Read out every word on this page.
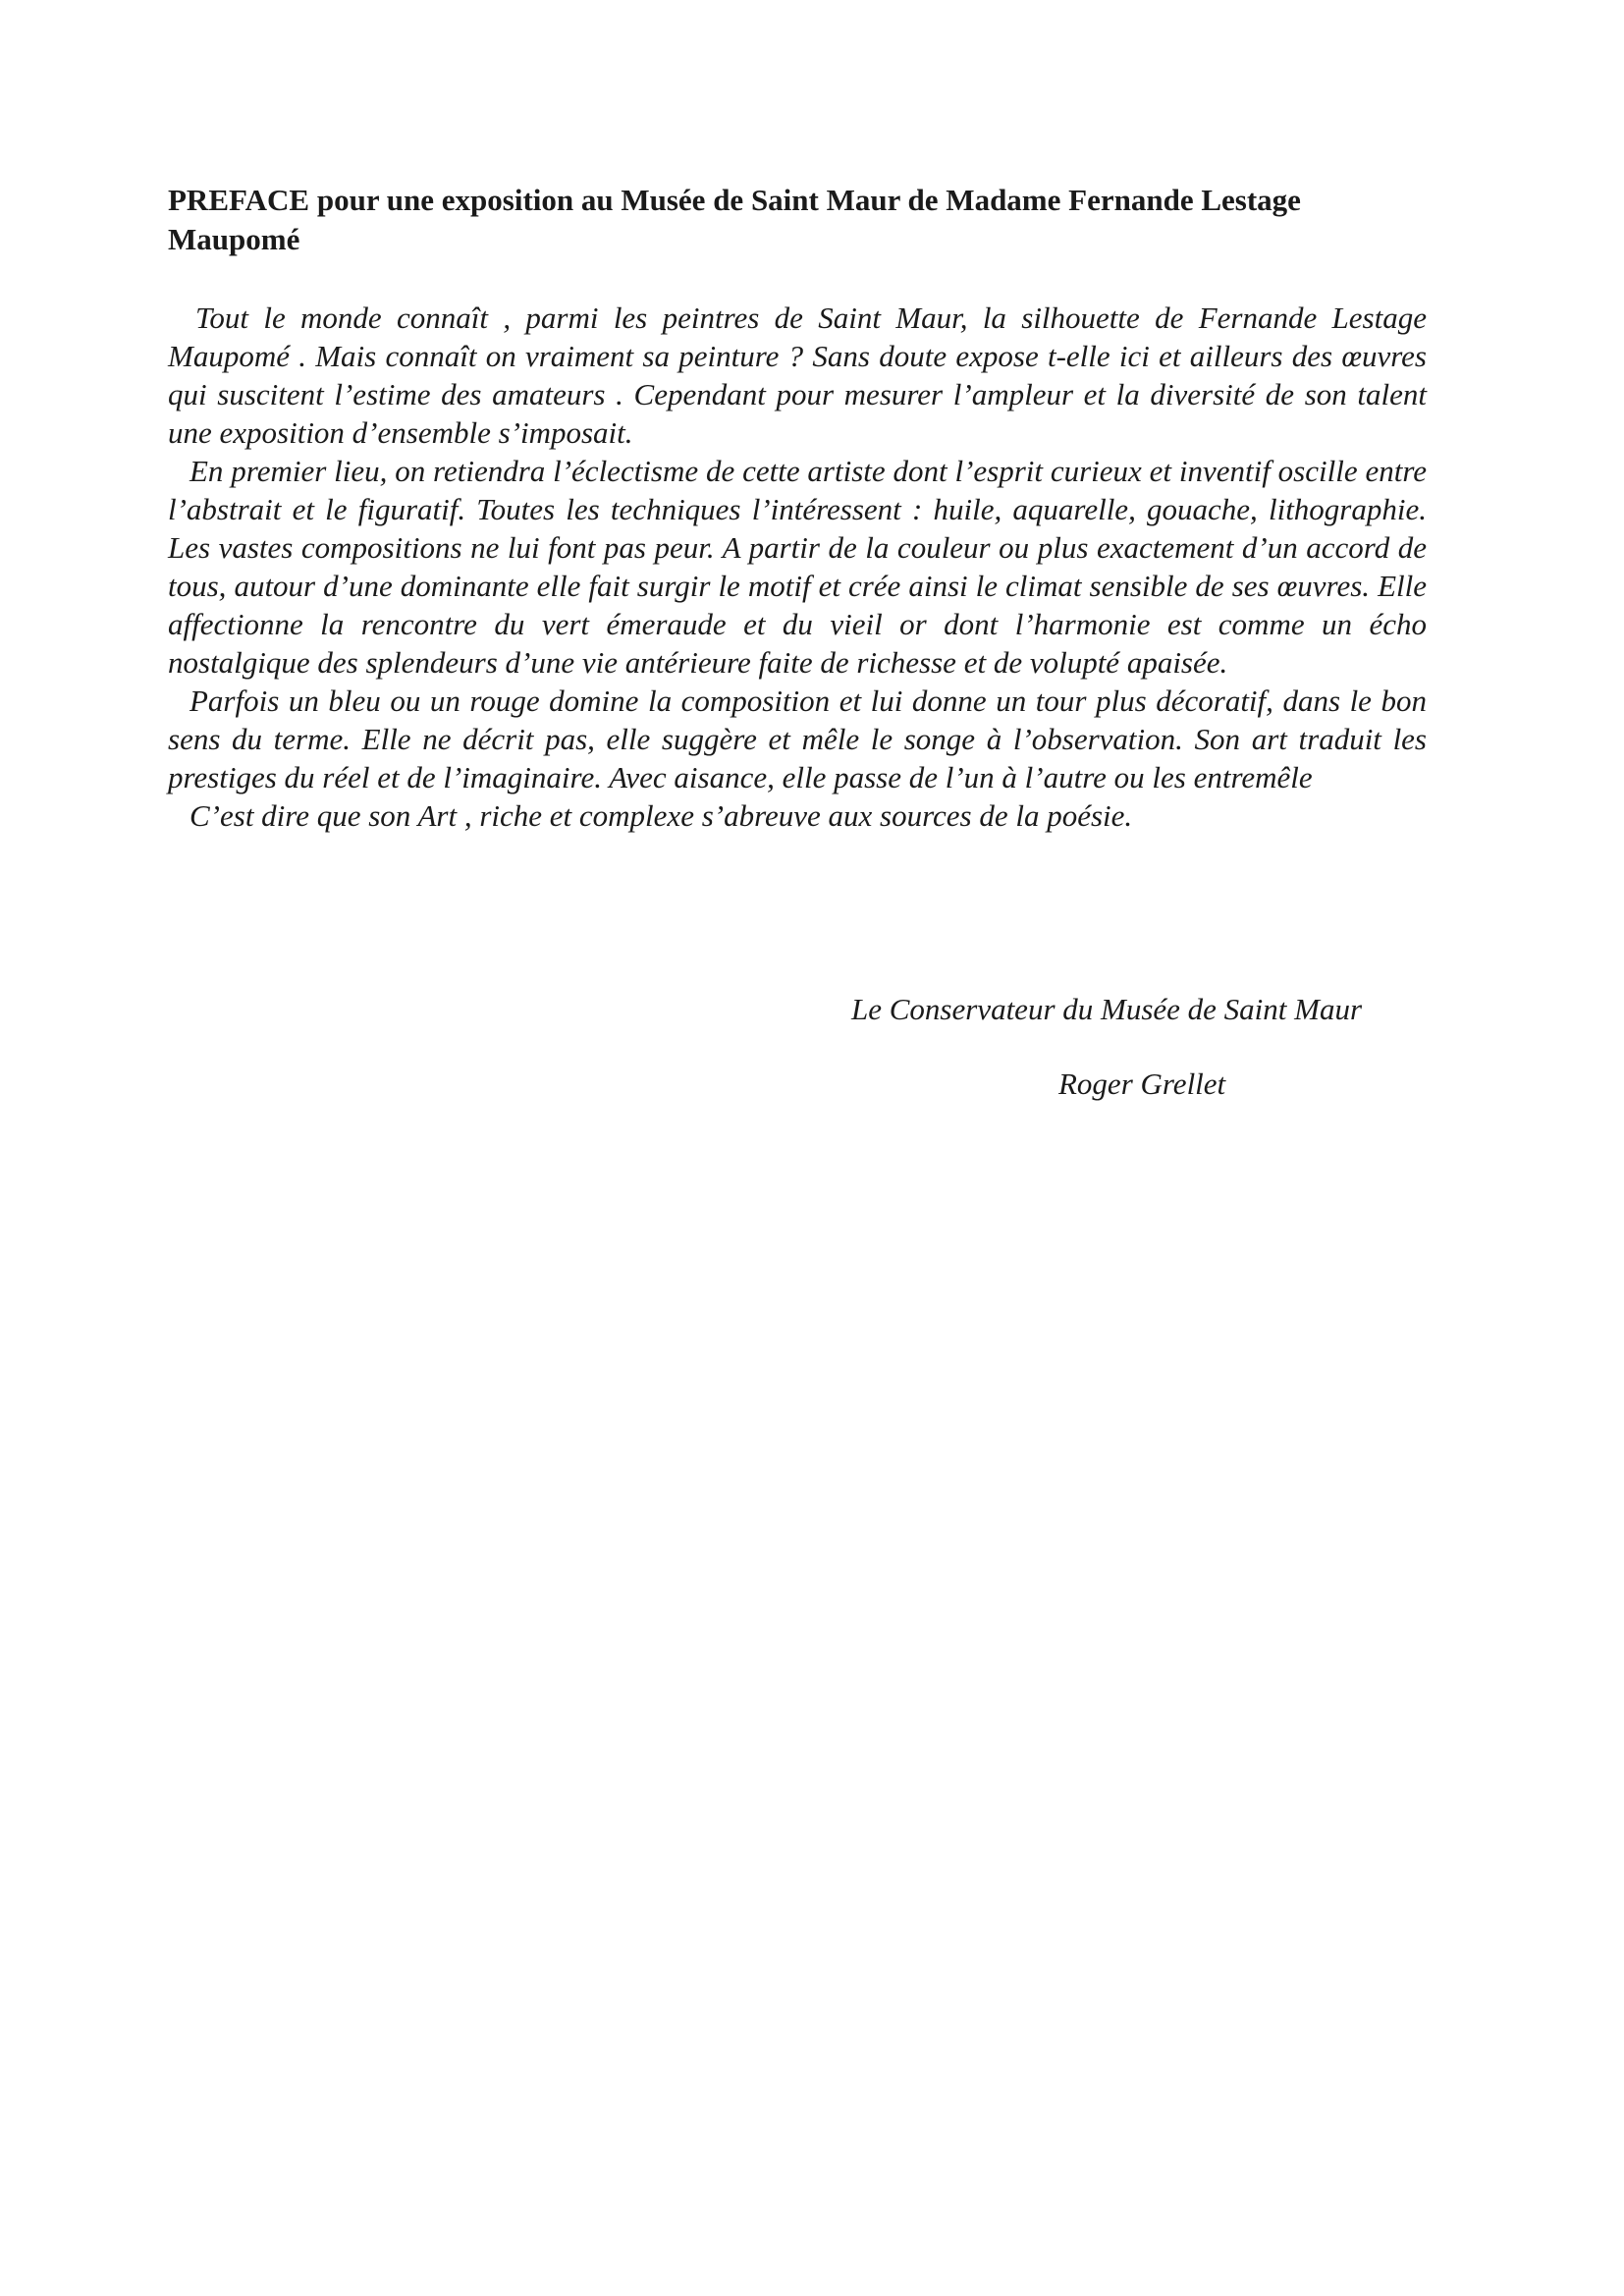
PREFACE pour une exposition au Musée de Saint Maur de Madame Fernande Lestage Maupomé

Tout le monde connaît , parmi les peintres de Saint Maur, la silhouette de Fernande Lestage Maupomé . Mais connaît on vraiment sa peinture ? Sans doute expose t-elle ici et ailleurs des œuvres qui suscitent l’estime des amateurs . Cependant pour mesurer l’ampleur et la diversité de son talent une exposition d’ensemble s’imposait.

En premier lieu, on retiendra l’éclectisme de cette artiste dont l’esprit curieux et inventif oscille entre l’abstrait et le figuratif. Toutes les techniques l’intéressent : huile, aquarelle, gouache, lithographie. Les vastes compositions ne lui font pas peur. A partir de la couleur ou plus exactement d’un accord de tous, autour d’une dominante elle fait surgir le motif et crée ainsi le climat sensible de ses œuvres. Elle affectionne la rencontre du vert émeraude et du vieil or dont l’harmonie est comme un écho nostalgique des splendeurs d’une vie antérieure faite de richesse et de volupté apaisée.

Parfois un bleu ou un rouge domine la composition et lui donne un tour plus décoratif, dans le bon sens du terme. Elle ne décrit pas, elle suggère et mêle le songe à l’observation. Son art traduit les prestiges du réel et de l’imaginaire. Avec aisance, elle passe de l’un à l’autre ou les entremêle

C’est dire que son Art , riche et complexe s’abreuve aux sources de la poésie.

Le Conservateur du Musée de Saint Maur

Roger Grellet
